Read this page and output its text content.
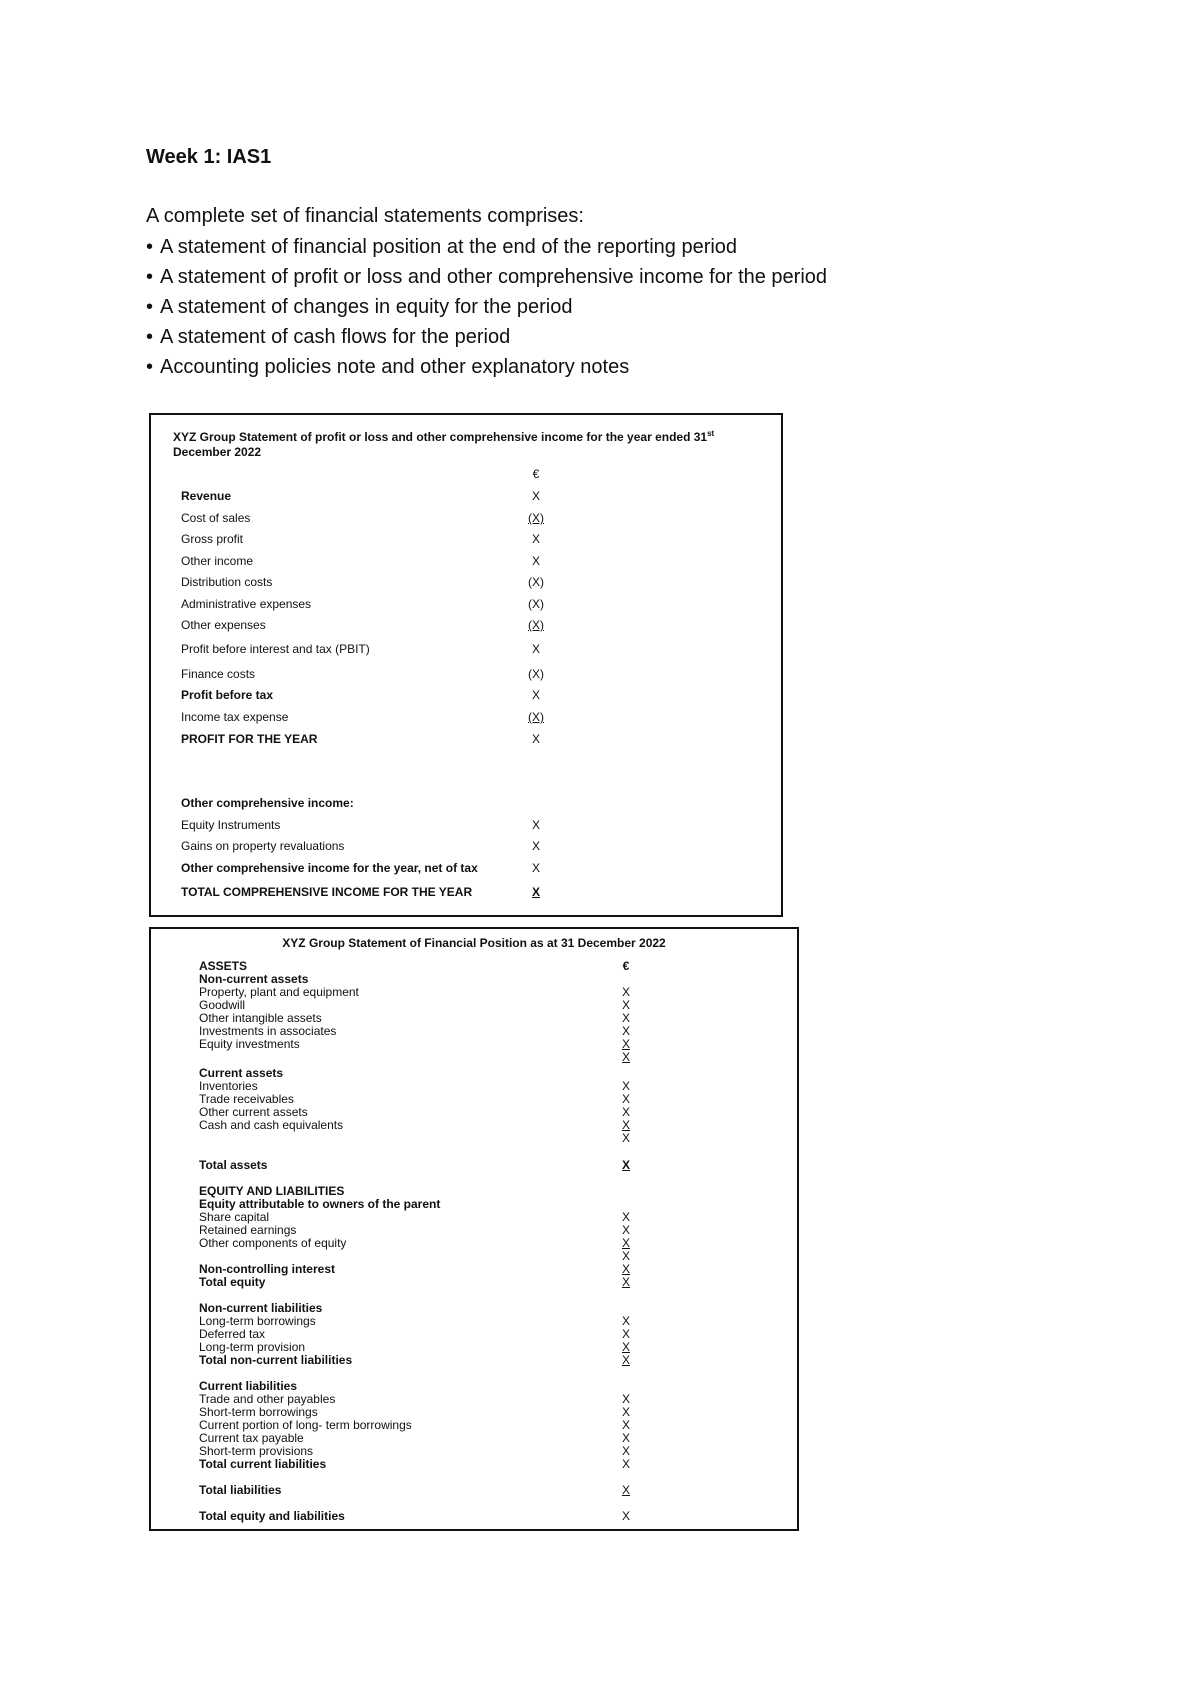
Week 1: IAS1

A complete set of financial statements comprises:

• A statement of financial position at the end of the reporting period
• A statement of profit or loss and other comprehensive income for the period
• A statement of changes in equity for the period
• A statement of cash flows for the period
• Accounting policies note and other explanatory notes
XYZ Group Statement of profit or loss and other comprehensive income for the year ended 31st December 2022
€
Revenue	X
Cost of sales	(X)
Gross profit	X
Other income	X
Distribution costs	(X)
Administrative expenses	(X)
Other expenses	(X)
Profit before interest and tax (PBIT)	X
Finance costs	(X)
Profit before tax	X
Income tax expense	(X)
PROFIT FOR THE YEAR	X
Other comprehensive income:
Equity Instruments	X
Gains on property revaluations	X
Other comprehensive income for the year, net of tax	X
TOTAL COMPREHENSIVE INCOME FOR THE YEAR	X
XYZ Group Statement of Financial Position as at 31 December 2022
ASSETS	€
Non-current assets
Property, plant and equipment	X
Goodwill	X
Other intangible assets	X
Investments in associates	X
Equity investments	X
X
Current assets
Inventories	X
Trade receivables	X
Other current assets	X
Cash and cash equivalents	X
X
Total assets	X
EQUITY AND LIABILITIES
Equity attributable to owners of the parent
Share capital	X
Retained earnings	X
Other components of equity	X
X
Non-controlling interest	X
Total equity	X
Non-current liabilities
Long-term borrowings	X
Deferred tax	X
Long-term provision	X
Total non-current liabilities	X
Current liabilities
Trade and other payables	X
Short-term borrowings	X
Current portion of long- term borrowings	X
Current tax payable	X
Short-term provisions	X
Total current liabilities	X
Total liabilities	X
Total equity and liabilities	X
